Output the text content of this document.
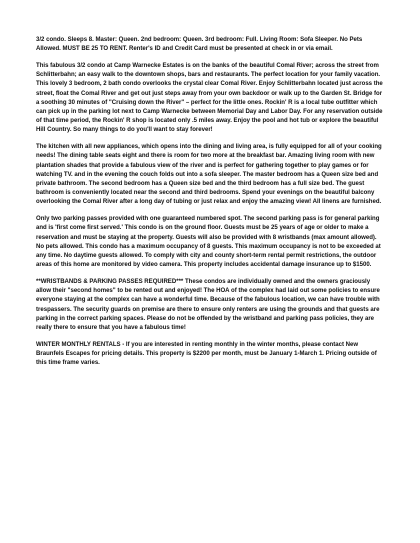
3/2 condo. Sleeps 8. Master: Queen. 2nd bedroom: Queen. 3rd bedroom: Full. Living Room: Sofa Sleeper. No Pets Allowed. MUST BE 25 TO RENT. Renter's ID and Credit Card must be presented at check in or via email.

This fabulous 3/2 condo at Camp Warnecke Estates is on the banks of the beautiful Comal River; across the street from Schlitterbahn; an easy walk to the downtown shops, bars and restaurants. The perfect location for your family vacation. This lovely 3 bedroom, 2 bath condo overlooks the crystal clear Comal River. Enjoy Schlitterbahn located just across the street, float the Comal River and get out just steps away from your own backdoor or walk up to the Garden St. Bridge for a soothing 30 minutes of "Cruising down the River" – perfect for the little ones. Rockin' R is a local tube outfitter which can pick up in the parking lot next to Camp Warnecke between Memorial Day and Labor Day. For any reservation outside of that time period, the Rockin' R shop is located only .5 miles away. Enjoy the pool and hot tub or explore the beautiful Hill Country. So many things to do you'll want to stay forever!

The kitchen with all new appliances, which opens into the dining and living area, is fully equipped for all of your cooking needs! The dining table seats eight and there is room for two more at the breakfast bar. Amazing living room with new plantation shades that provide a fabulous view of the river and is perfect for gathering together to play games or for watching TV. and in the evening the couch folds out into a sofa sleeper. The master bedroom has a Queen size bed and private bathroom. The second bedroom has a Queen size bed and the third bedroom has a full size bed. The guest bathroom is conveniently located near the second and third bedrooms. Spend your evenings on the beautiful balcony overlooking the Comal River after a long day of tubing or just relax and enjoy the amazing view! All linens are furnished.

Only two parking passes provided with one guaranteed numbered spot. The second parking pass is for general parking and is 'first come first served.' This condo is on the ground floor. Guests must be 25 years of age or older to make a reservation and must be staying at the property. Guests will also be provided with 8 wristbands (max amount allowed). No pets allowed. This condo has a maximum occupancy of 8 guests. This maximum occupancy is not to be exceeded at any time. No daytime guests allowed. To comply with city and county short-term rental permit restrictions, the outdoor areas of this home are monitored by video camera. This property includes accidental damage insurance up to $1500.

**WRISTBANDS & PARKING PASSES REQUIRED*** These condos are individually owned and the owners graciously allow their "second homes" to be rented out and enjoyed! The HOA of the complex had laid out some policies to ensure everyone staying at the complex can have a wonderful time. Because of the fabulous location, we can have trouble with trespassers. The security guards on premise are there to ensure only renters are using the grounds and that guests are parking in the correct parking spaces. Please do not be offended by the wristband and parking pass policies, they are really there to ensure that you have a fabulous time!

WINTER MONTHLY RENTALS - If you are interested in renting monthly in the winter months, please contact New Braunfels Escapes for pricing details. This property is $2200 per month, must be January 1-March 1. Pricing outside of this time frame varies.
